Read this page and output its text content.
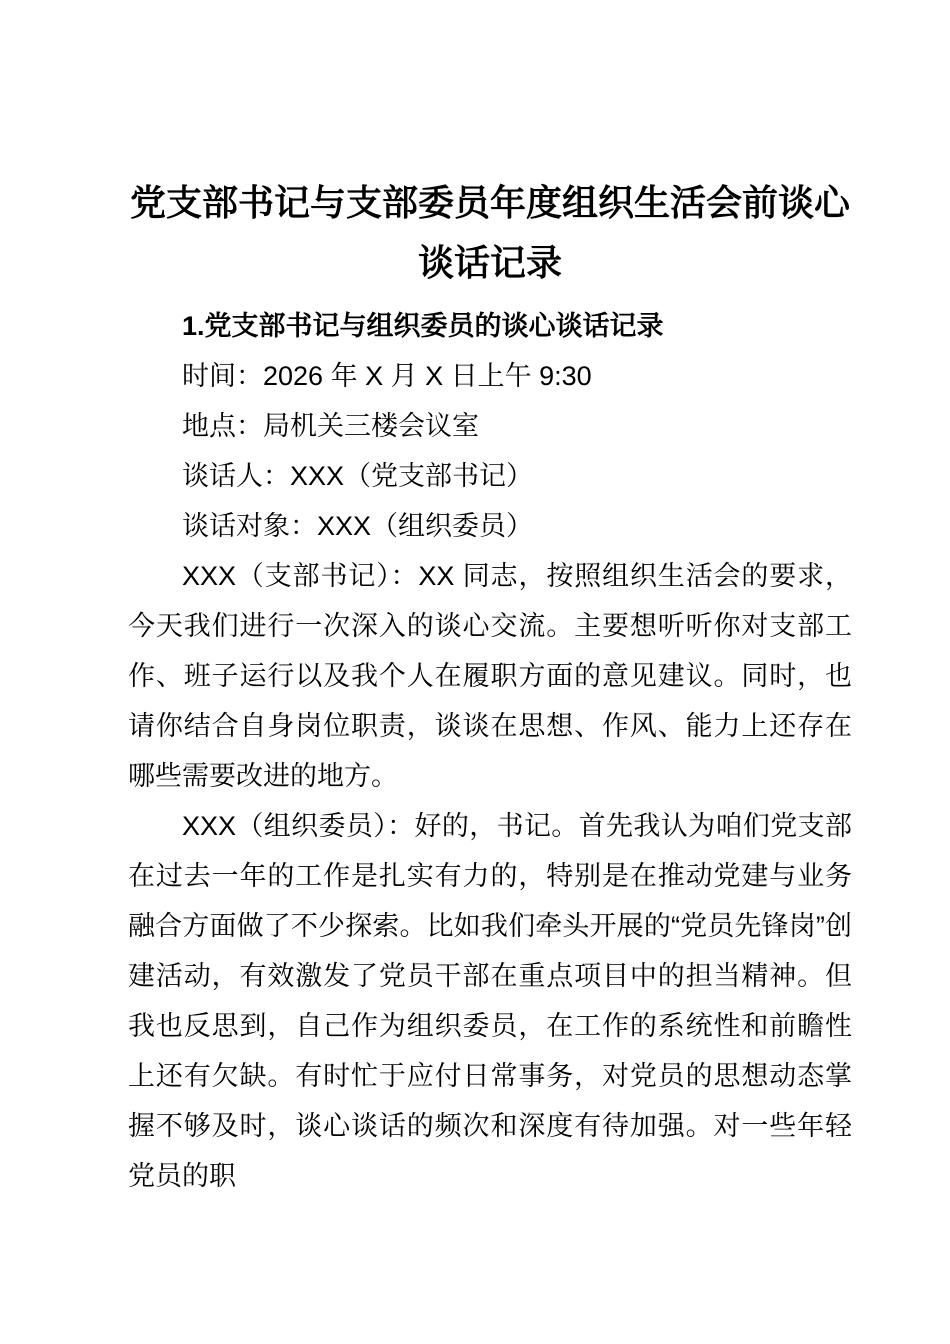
党支部书记与支部委员年度组织生活会前谈心
谈话记录
1.党支部书记与组织委员的谈心谈话记录

时间：2026 年 X 月 X 日上午 9:30

地点：局机关三楼会议室

谈话人：XXX（党支部书记）

谈话对象：XXX（组织委员）

XXX（支部书记）：XX 同志，按照组织生活会的要求，今天我们进行一次深入的谈心交流。主要想听听你对支部工作、班子运行以及我个人在履职方面的意见建议。同时，也请你结合自身岗位职责，谈谈在思想、作风、能力上还存在哪些需要改进的地方。

XXX（组织委员）：好的，书记。首先我认为咱们党支部在过去一年的工作是扎实有力的，特别是在推动党建与业务融合方面做了不少探索。比如我们牵头开展的“党员先锋岗”创建活动，有效激发了党员干部在重点项目中的担当精神。但我也反思到，自己作为组织委员，在工作的系统性和前瞻性上还有欠缺。有时忙于应付日常事务，对党员的思想动态掌握不够及时，谈心谈话的频次和深度有待加强。对一些年轻党员的职
